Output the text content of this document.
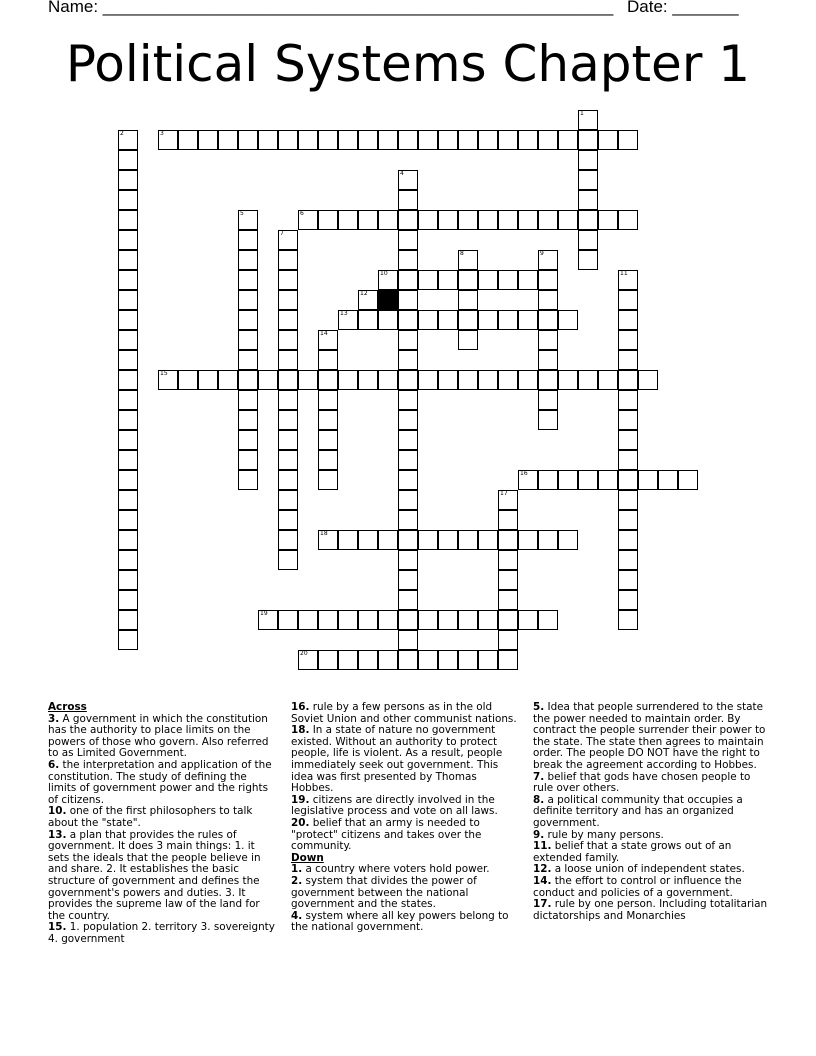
Name: ______________________________________________________ Date: _______
Political Systems Chapter 1
1
2	3
4
5	6
7
8	9
10	11
12
13
14
15
16
17
18
19
20
Across
3. A government in which the constitution has the authority to place limits on the powers of those who govern. Also referred to as Limited Government.
6. the interpretation and application of the constitution. The study of defining the limits of government power and the rights of citizens.
10. one of the first philosophers to talk about the "state".
13. a plan that provides the rules of government. It does 3 main things: 1. it sets the ideals that the people believe in and share. 2. It establishes the basic structure of government and defines the government's powers and duties. 3. It provides the supreme law of the land for the country.
15. 1. population 2. territory 3. sovereignty 4. government
16. rule by a few persons as in the old Soviet Union and other communist nations.
18. In a state of nature no government existed. Without an authority to protect people, life is violent. As a result, people immediately seek out government. This idea was first presented by Thomas Hobbes.
19. citizens are directly involved in the legislative process and vote on all laws.
20. belief that an army is needed to "protect" citizens and takes over the community.
Down
1. a country where voters hold power.
2. system that divides the power of government between the national government and the states.
4. system where all key powers belong to the national government.
5. Idea that people surrendered to the state the power needed to maintain order. By contract the people surrender their power to the state. The state then agrees to maintain order. The people DO NOT have the right to break the agreement according to Hobbes.
7. belief that gods have chosen people to rule over others.
8. a political community that occupies a definite territory and has an organized government.
9. rule by many persons.
11. belief that a state grows out of an extended family.
12. a loose union of independent states.
14. the effort to control or influence the conduct and policies of a government.
17. rule by one person. Including totalitarian dictatorships and Monarchies
